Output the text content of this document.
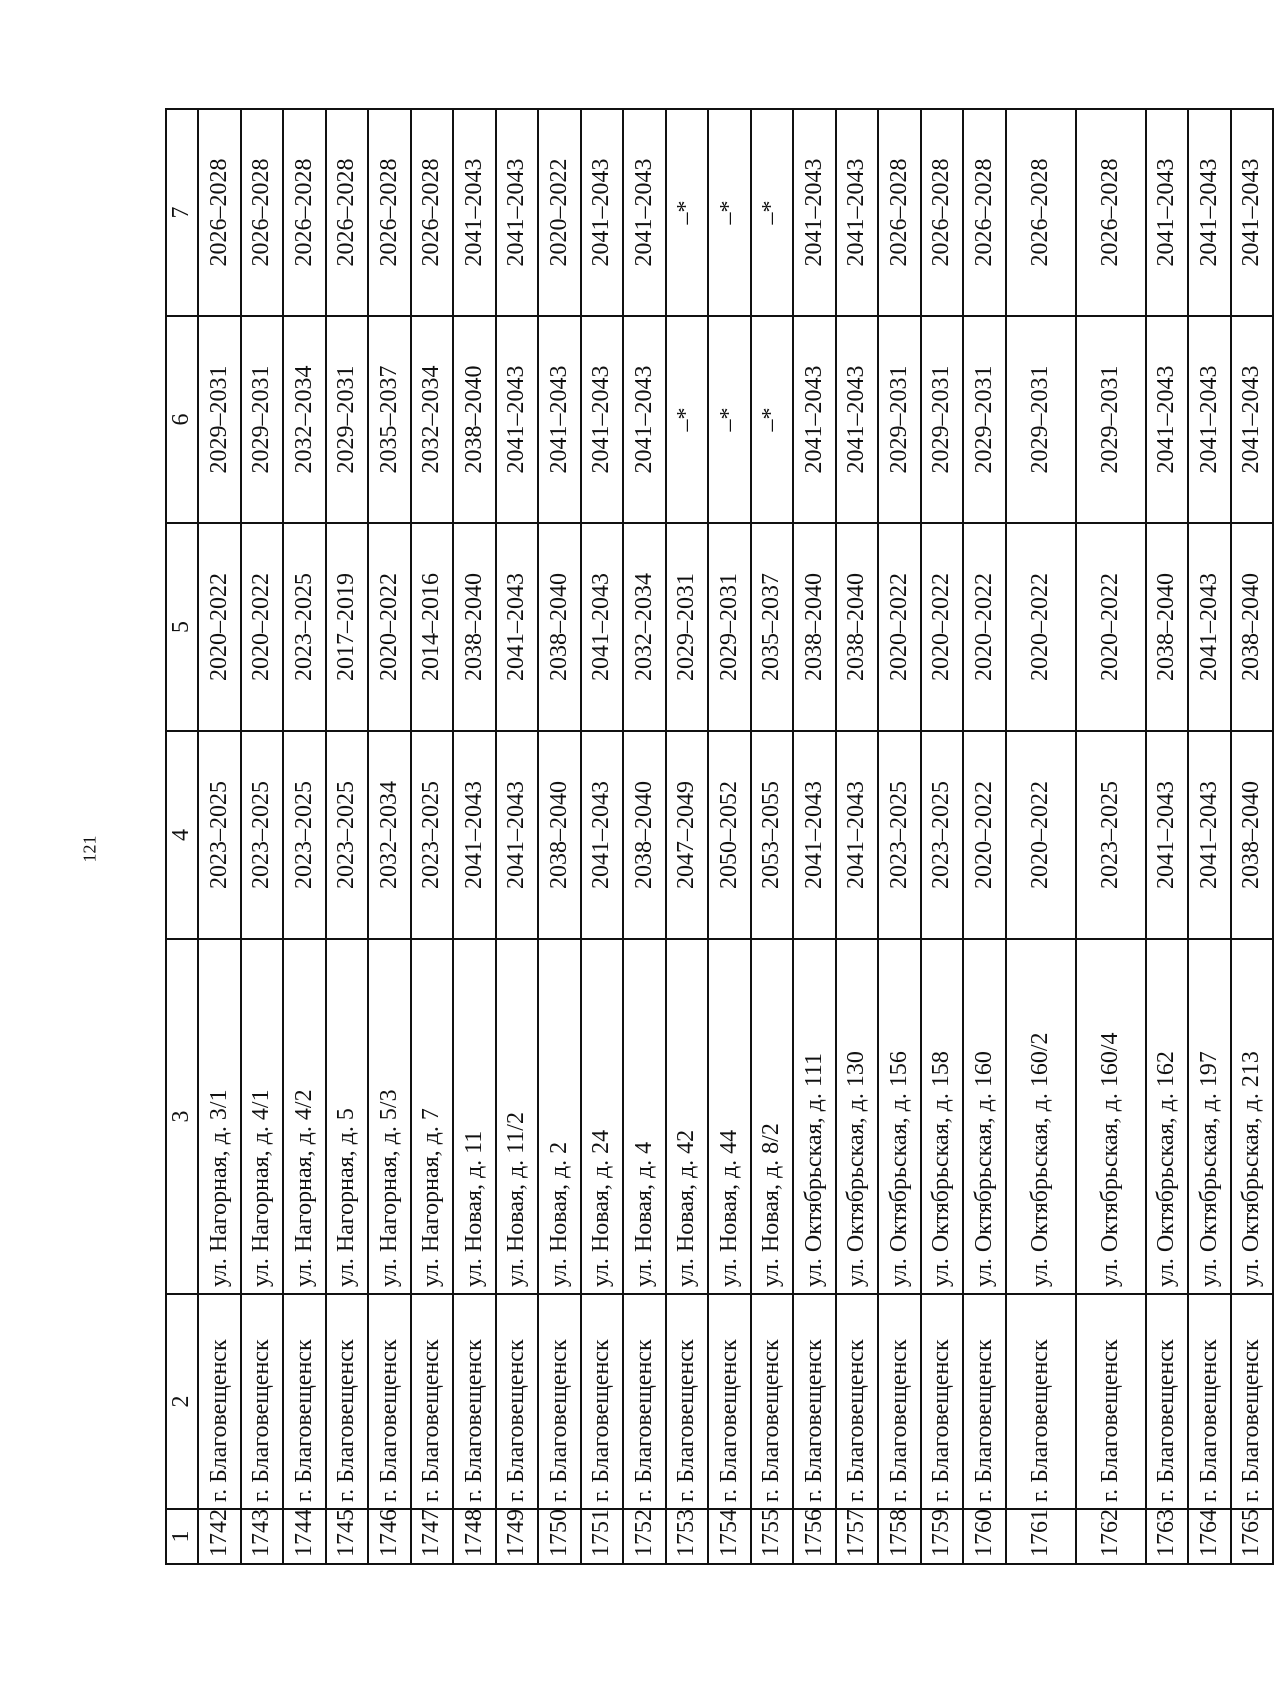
121
1	2	3	4	5	6	7
1742	г. Благовещенск	ул. Нагорная, д. 3/1	2023–2025	2020–2022	2029–2031	2026–2028
1743	г. Благовещенск	ул. Нагорная, д. 4/1	2023–2025	2020–2022	2029–2031	2026–2028
1744	г. Благовещенск	ул. Нагорная, д. 4/2	2023–2025	2023–2025	2032–2034	2026–2028
1745	г. Благовещенск	ул. Нагорная, д. 5	2023–2025	2017–2019	2029–2031	2026–2028
1746	г. Благовещенск	ул. Нагорная, д. 5/3	2032–2034	2020–2022	2035–2037	2026–2028
1747	г. Благовещенск	ул. Нагорная, д. 7	2023–2025	2014–2016	2032–2034	2026–2028
1748	г. Благовещенск	ул. Новая, д. 11	2041–2043	2038–2040	2038–2040	2041–2043
1749	г. Благовещенск	ул. Новая, д. 11/2	2041–2043	2041–2043	2041–2043	2041–2043
1750	г. Благовещенск	ул. Новая, д. 2	2038–2040	2038–2040	2041–2043	2020–2022
1751	г. Благовещенск	ул. Новая, д. 24	2041–2043	2041–2043	2041–2043	2041–2043
1752	г. Благовещенск	ул. Новая, д. 4	2038–2040	2032–2034	2041–2043	2041–2043
1753	г. Благовещенск	ул. Новая, д. 42	2047–2049	2029–2031	–*	–*
1754	г. Благовещенск	ул. Новая, д. 44	2050–2052	2029–2031	–*	–*
1755	г. Благовещенск	ул. Новая, д. 8/2	2053–2055	2035–2037	–*	–*
1756	г. Благовещенск	ул. Октябрьская, д. 111	2041–2043	2038–2040	2041–2043	2041–2043
1757	г. Благовещенск	ул. Октябрьская, д. 130	2041–2043	2038–2040	2041–2043	2041–2043
1758	г. Благовещенск	ул. Октябрьская, д. 156	2023–2025	2020–2022	2029–2031	2026–2028
1759	г. Благовещенск	ул. Октябрьская, д. 158	2023–2025	2020–2022	2029–2031	2026–2028
1760	г. Благовещенск	ул. Октябрьская, д. 160	2020–2022	2020–2022	2029–2031	2026–2028
1761	г. Благовещенск	ул. Октябрьская, д. 160/2	2020–2022	2020–2022	2029–2031	2026–2028
1762	г. Благовещенск	ул. Октябрьская, д. 160/4	2023–2025	2020–2022	2029–2031	2026–2028
1763	г. Благовещенск	ул. Октябрьская, д. 162	2041–2043	2038–2040	2041–2043	2041–2043
1764	г. Благовещенск	ул. Октябрьская, д. 197	2041–2043	2041–2043	2041–2043	2041–2043
1765	г. Благовещенск	ул. Октябрьская, д. 213	2038–2040	2038–2040	2041–2043	2041–2043
